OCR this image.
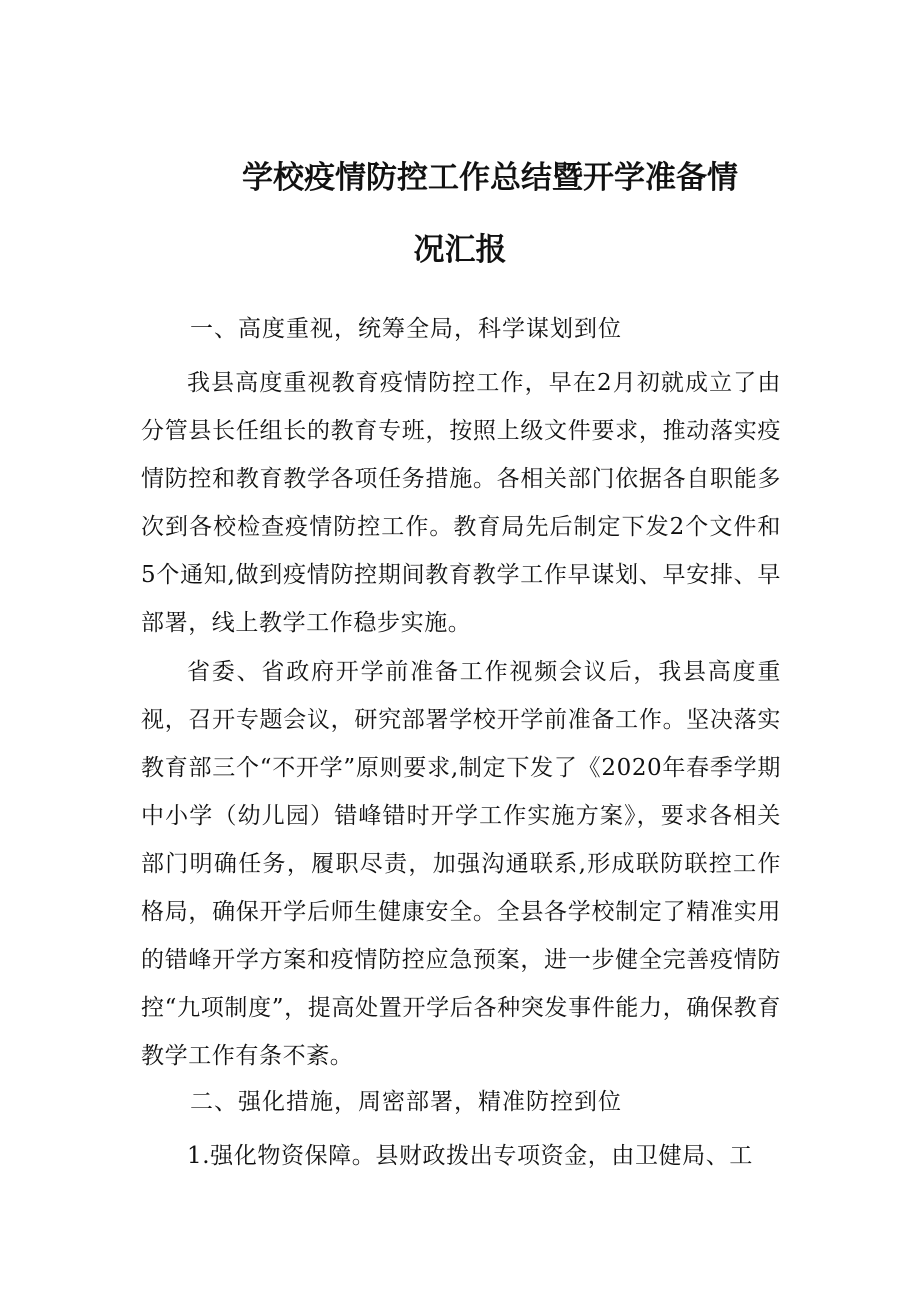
学校疫情防控工作总结暨开学准备情
况汇报

一、高度重视，统筹全局，科学谋划到位

我县高度重视教育疫情防控工作，早在2月初就成立了由分管县长任组长的教育专班，按照上级文件要求，推动落实疫情防控和教育教学各项任务措施。各相关部门依据各自职能多次到各校检查疫情防控工作。教育局先后制定下发2个文件和5个通知,做到疫情防控期间教育教学工作早谋划、早安排、早部署，线上教学工作稳步实施。

省委、省政府开学前准备工作视频会议后，我县高度重视，召开专题会议，研究部署学校开学前准备工作。坚决落实教育部三个“不开学”原则要求,制定下发了《2020年春季学期中小学（幼儿园）错峰错时开学工作实施方案》，要求各相关部门明确任务，履职尽责，加强沟通联系,形成联防联控工作格局，确保开学后师生健康安全。全县各学校制定了精准实用的错峰开学方案和疫情防控应急预案，进一步健全完善疫情防控“九项制度”，提高处置开学后各种突发事件能力，确保教育教学工作有条不紊。

二、强化措施，周密部署，精准防控到位

1.强化物资保障。县财政拨出专项资金，由卫健局、工
